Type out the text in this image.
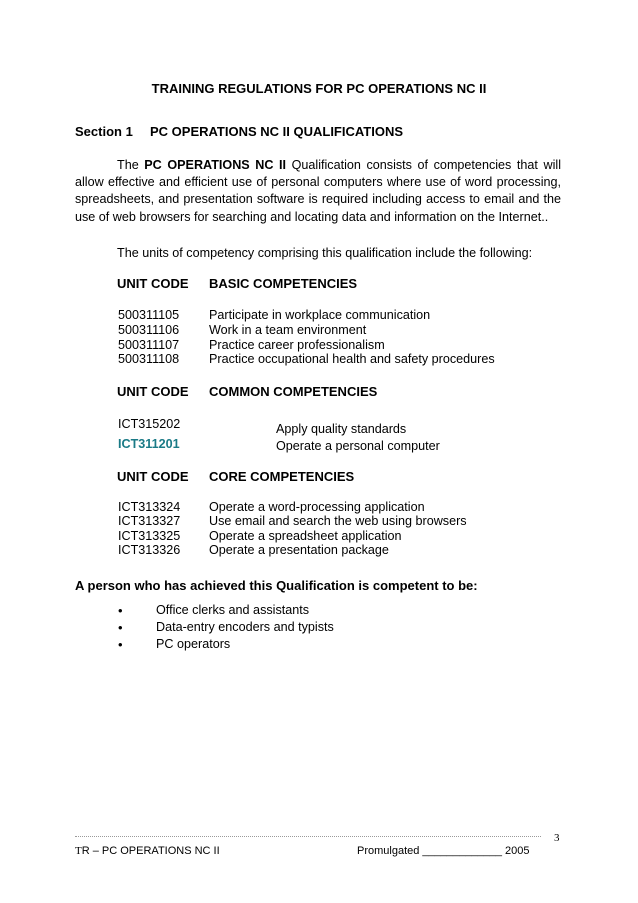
TRAINING REGULATIONS FOR PC OPERATIONS NC II
Section 1 PC OPERATIONS NC II QUALIFICATIONS
The PC OPERATIONS NC II Qualification consists of competencies that will allow effective and efficient use of personal computers where use of word processing, spreadsheets, and presentation software is required including access to email and the use of web browsers for searching and locating data and information on the Internet..
The units of competency comprising this qualification include the following:
UNIT CODE BASIC COMPETENCIES
500311105 Participate in workplace communication
500311106 Work in a team environment
500311107 Practice career professionalism
500311108 Practice occupational health and safety procedures
UNIT CODE COMMON COMPETENCIES
ICT315202	Apply quality standards
ICT311201	Operate a personal computer
UNIT CODE CORE COMPETENCIES
ICT313324 Operate a word-processing application
ICT313327 Use email and search the web using browsers
ICT313325 Operate a spreadsheet application
ICT313326 Operate a presentation package
A person who has achieved this Qualification is competent to be:
•	Office clerks and assistants
•	Data-entry encoders and typists
•	PC operators
3
TR – PC OPERATIONS NC II	Promulgated _____________ 2005
